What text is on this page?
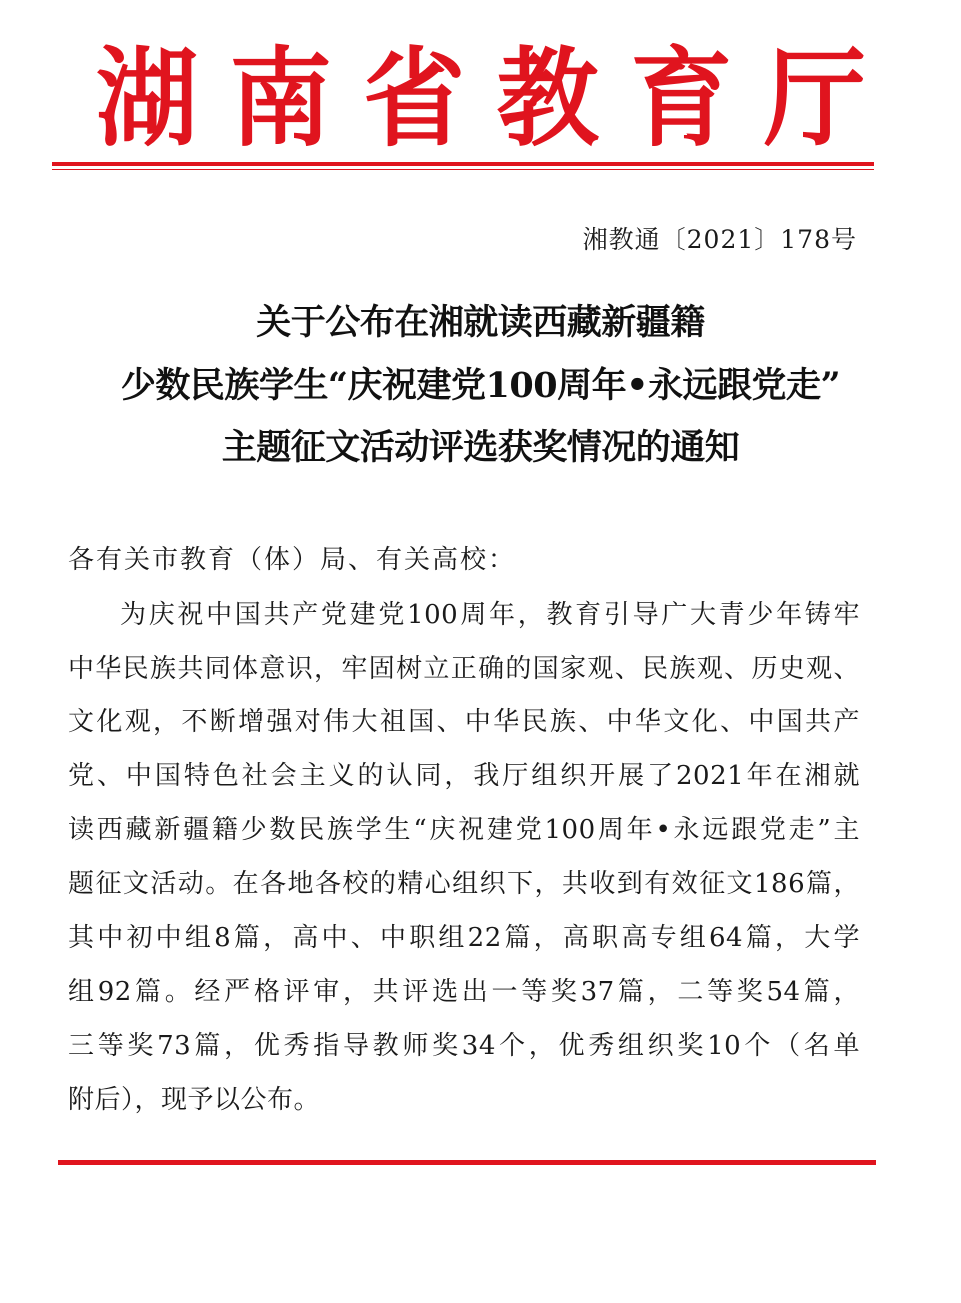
湖 南 省 教 育 厅
湘教通〔2021〕178号
关于公布在湘就读西藏新疆籍
少数民族学生“庆祝建党100周年•永远跟党走”
主题征文活动评选获奖情况的通知
各有关市教育（体）局、有关高校：
为庆祝中国共产党建党100周年，教育引导广大青少年铸牢
中华民族共同体意识，牢固树立正确的国家观、民族观、历史观、
文化观，不断增强对伟大祖国、中华民族、中华文化、中国共产
党、中国特色社会主义的认同，我厅组织开展了2021年在湘就
读西藏新疆籍少数民族学生“庆祝建党100周年•永远跟党走”主
题征文活动。在各地各校的精心组织下，共收到有效征文186篇，
其中初中组8篇，高中、中职组22篇，高职高专组64篇，大学
组92篇。经严格评审，共评选出一等奖37篇，二等奖54篇，
三等奖73篇，优秀指导教师奖34个，优秀组织奖10个（名单
附后），现予以公布。
